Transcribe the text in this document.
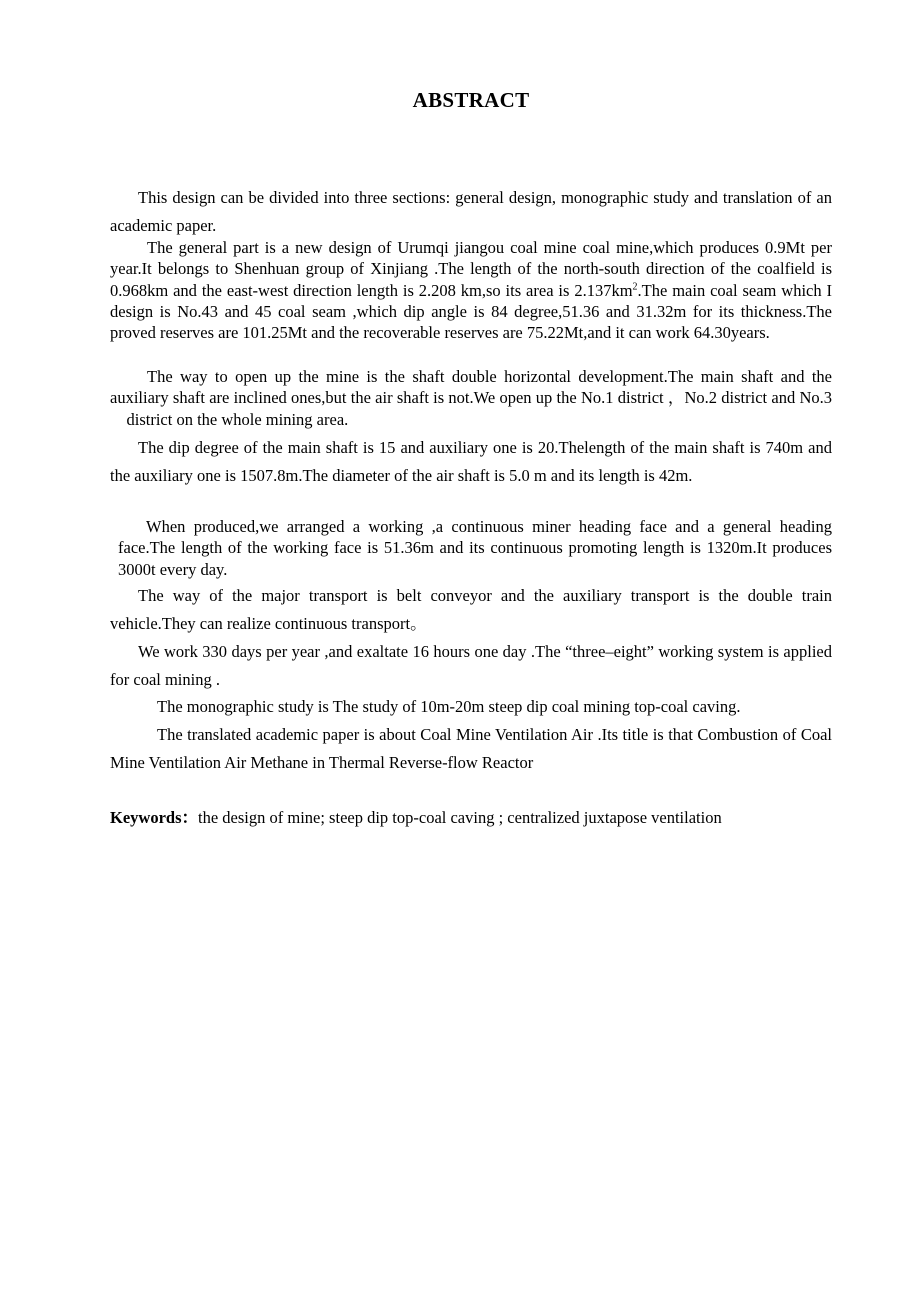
ABSTRACT

This design can be divided into three sections: general design, monographic study and translation of an academic paper.

The general part is a new design of Urumqi jiangou coal mine coal mine,which produces 0.9Mt per year.It belongs to Shenhuan group of Xinjiang .The length of the north-south direction of the coalfield is 0.968km and the east-west direction length is 2.208 km,so its area is $2.137km^2.The$ main coal seam which I design is No.43 and 45 coal seam ,which dip angle is 84 degree,51.36 and 31.32m for its thickness.The proved reserves are 101.25Mt and the recoverable reserves are 75.22Mt,and it can work 64.30years.

The way to open up the mine is the shaft double horizontal development.The main shaft and the auxiliary shaft are inclined ones,but the air shaft is not.We open up the No.1 district ，No.2 district and No.3 　district on the whole mining area.

The dip degree of the main shaft is 15 and auxiliary one is 20.Thelength of the main shaft is 740m and the auxiliary one is 1507.8m.The diameter of the air shaft is 5.0 m and its length is 42m.

When produced,we arranged a working ,a continuous miner heading face and a general heading face.The length of the working face is 51.36m and its continuous promoting length is 1320m.It produces 3000t every day.

The way of the major transport is belt conveyor and the auxiliary transport is the double train vehicle.They can realize continuous transport。

We work 330 days per year ,and exaltate 16 hours one day .The “three–eight” working system is applied for coal mining .

The monographic study is The study of 10m-20m steep dip coal mining top-coal caving.

The translated academic paper is about Coal Mine Ventilation Air .Its title is that Combustion of Coal Mine Ventilation Air Methane in Thermal Reverse-flow Reactor

Keywords：the design of mine; steep dip top-coal caving ; centralized juxtapose ventilation
